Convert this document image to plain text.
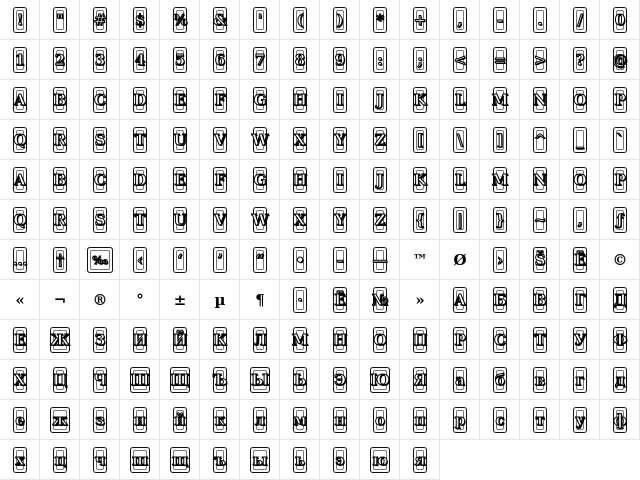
! " # $ % & ' ( ) * + , - . / 0
1 2 3 4 5 6 7 8 9 : ; < = > ? @
A B C D E F G H I J K L M N O P
Q R S T U V W X Y Z [ \ ] ^ _ `
A B C D E F G H I J K L M N O P
Q R S T U V W X Y Z { | } ~ ‚ ƒ
… †	‰ ‹ ‘ ’ “ • – — ™ Ø › Š Ë ©
« ¬ ® ° ± µ ¶ · Ё № » А Б В Г Д
Е Ж З И Й К Л М Н О П Р С Т У Ф
Х Ц Ч Ш Щ Ъ Ы Ь Э Ю Я а б в г д
е ж з и й к л м н о п р с т у ф
х ц ч ш щ ъ ы ь э ю я
